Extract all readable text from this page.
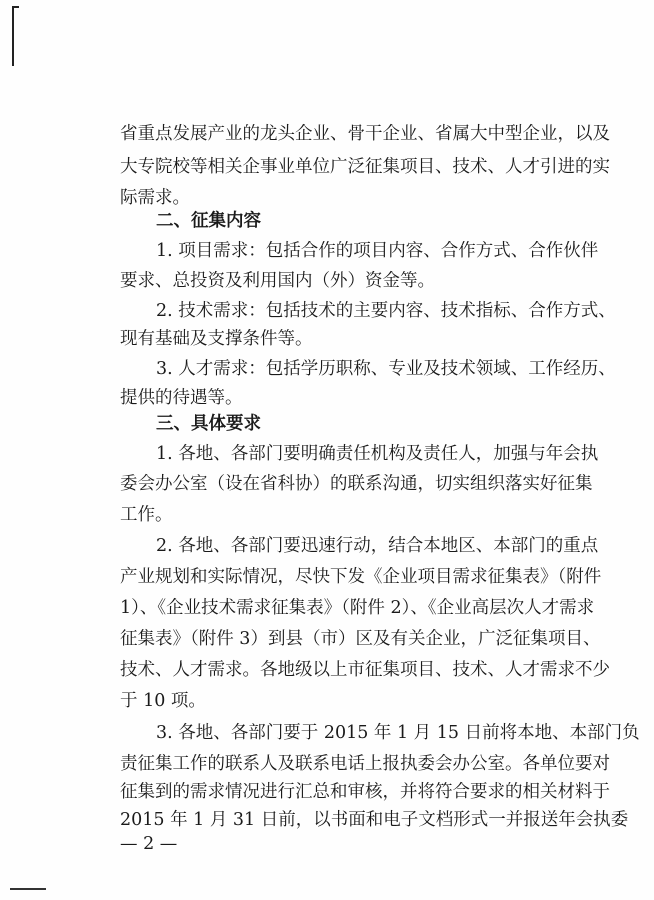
省重点发展产业的龙头企业、骨干企业、省属大中型企业，以及
大专院校等相关企事业单位广泛征集项目、技术、人才引进的实
际需求。
二、征集内容
1. 项目需求：包括合作的项目内容、合作方式、合作伙伴
要求、总投资及利用国内（外）资金等。
2. 技术需求：包括技术的主要内容、技术指标、合作方式、
现有基础及支撑条件等。
3. 人才需求：包括学历职称、专业及技术领域、工作经历、
提供的待遇等。
三、具体要求
1. 各地、各部门要明确责任机构及责任人，加强与年会执
委会办公室（设在省科协）的联系沟通，切实组织落实好征集
工作。
2. 各地、各部门要迅速行动，结合本地区、本部门的重点
产业规划和实际情况，尽快下发《企业项目需求征集表》（附件
1）、《企业技术需求征集表》（附件 2）、《企业高层次人才需求
征集表》（附件 3）到县（市）区及有关企业，广泛征集项目、
技术、人才需求。各地级以上市征集项目、技术、人才需求不少
于 10 项。
3. 各地、各部门要于 2015 年 1 月 15 日前将本地、本部门负
责征集工作的联系人及联系电话上报执委会办公室。各单位要对
征集到的需求情况进行汇总和审核，并将符合要求的相关材料于
2015 年 1 月 31 日前，以书面和电子文档形式一并报送年会执委
— 2 —
